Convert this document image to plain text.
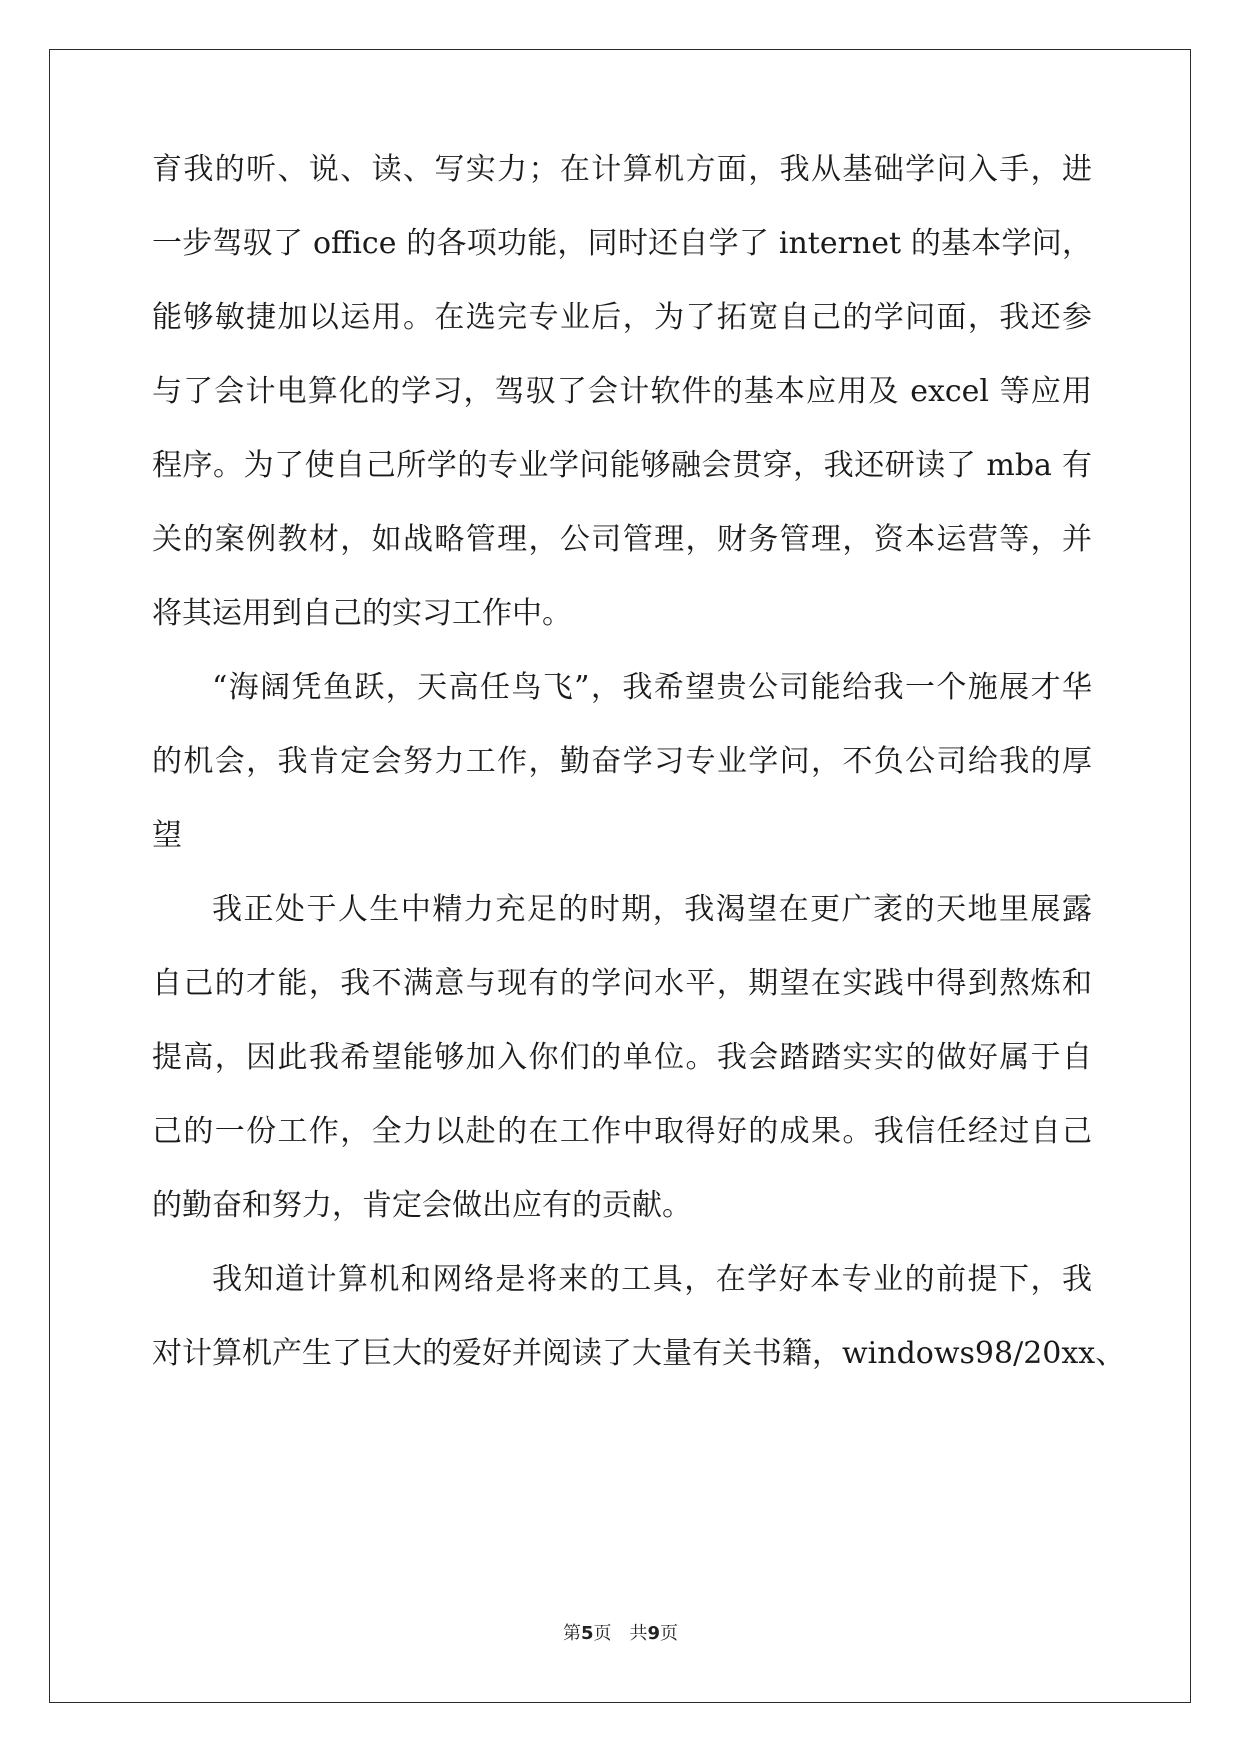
育我的听、说、读、写实力；在计算机方面，我从基础学问入手，进
一步驾驭了 office 的各项功能，同时还自学了 internet 的基本学问，
能够敏捷加以运用。在选完专业后，为了拓宽自己的学问面，我还参
与了会计电算化的学习，驾驭了会计软件的基本应用及 excel 等应用
程序。为了使自己所学的专业学问能够融会贯穿，我还研读了 mba 有
关的案例教材，如战略管理，公司管理，财务管理，资本运营等，并
将其运用到自己的实习工作中。
“海阔凭鱼跃，天高任鸟飞”，我希望贵公司能给我一个施展才华
的机会，我肯定会努力工作，勤奋学习专业学问，不负公司给我的厚
望
我正处于人生中精力充足的时期，我渴望在更广袤的天地里展露
自己的才能，我不满意与现有的学问水平，期望在实践中得到熬炼和
提高，因此我希望能够加入你们的单位。我会踏踏实实的做好属于自
己的一份工作，全力以赴的在工作中取得好的成果。我信任经过自己
的勤奋和努力，肯定会做出应有的贡献。
我知道计算机和网络是将来的工具，在学好本专业的前提下，我
对计算机产生了巨大的爱好并阅读了大量有关书籍，windows98/20xx、
第5页　共9页
